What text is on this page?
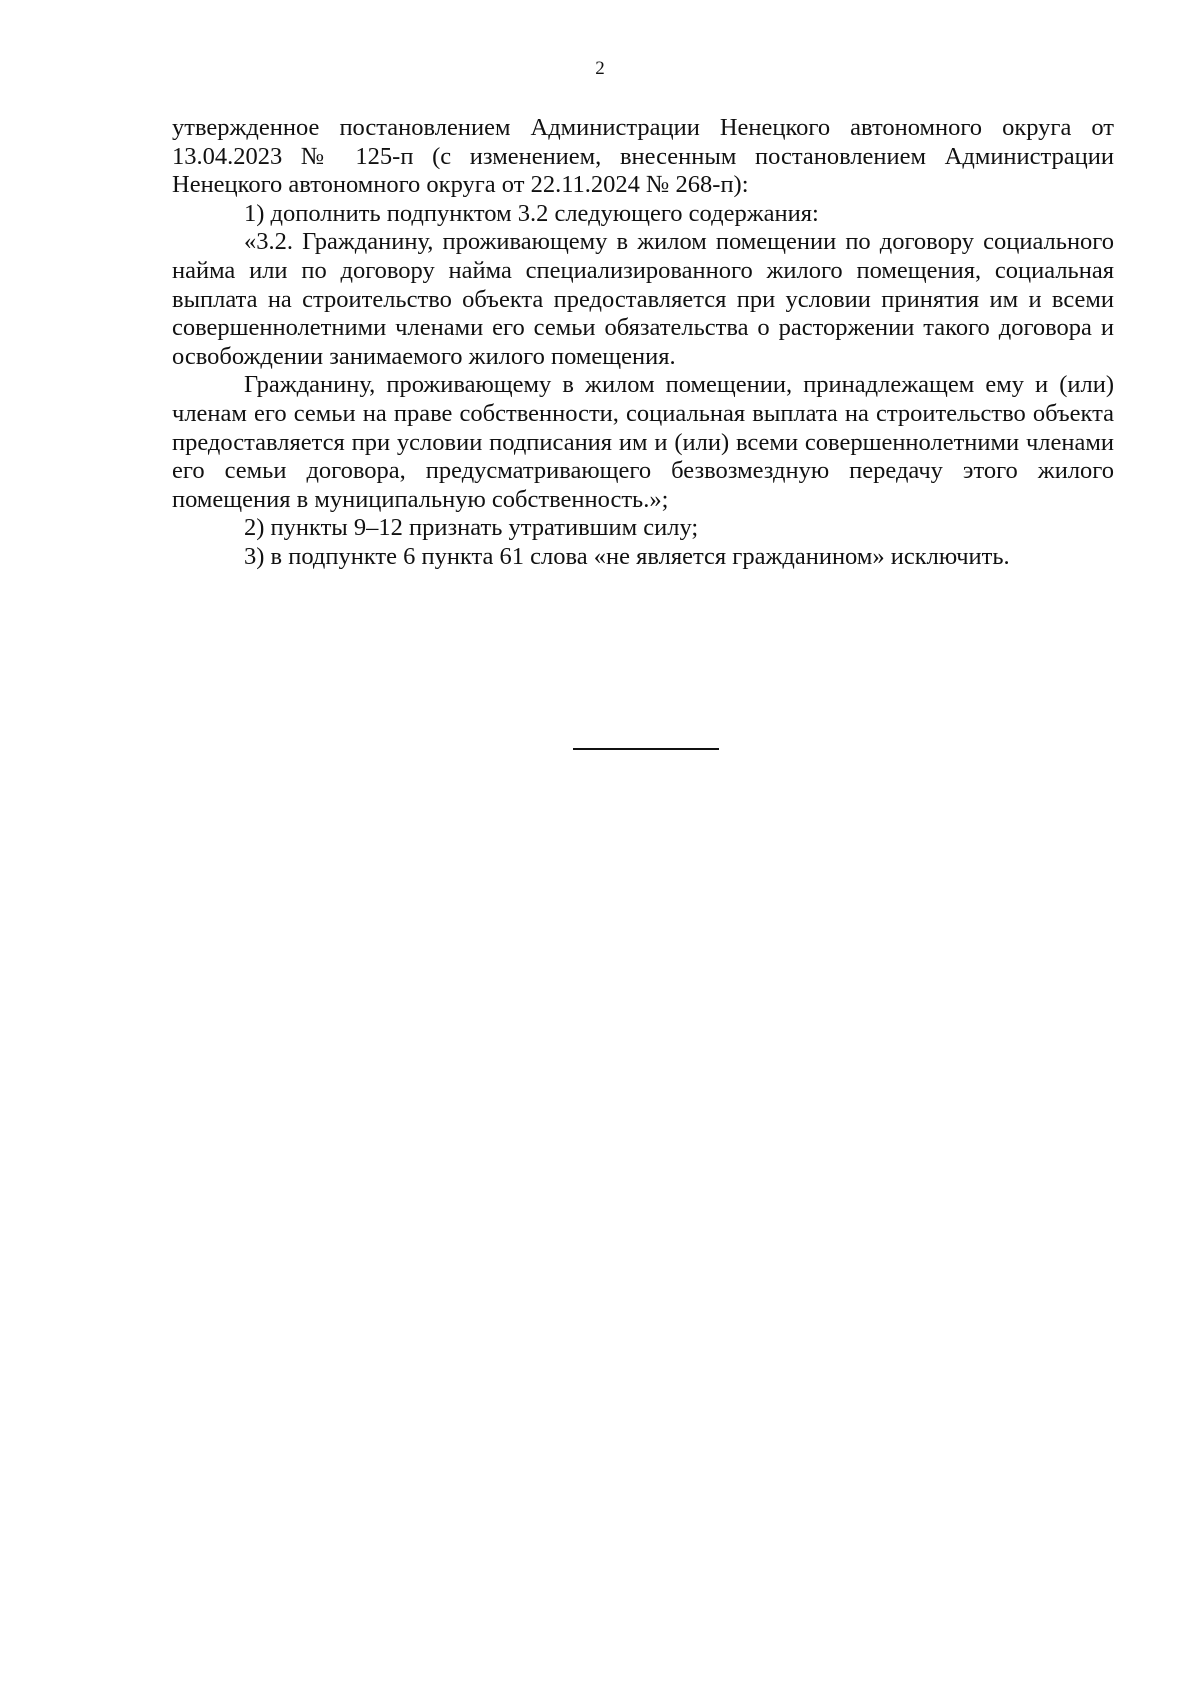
2

утвержденное постановлением Администрации Ненецкого автономного округа от 13.04.2023 № 125-п (с изменением, внесенным постановлением Администрации Ненецкого автономного округа от 22.11.2024 № 268-п):

1) дополнить подпунктом 3.2 следующего содержания:

«3.2. Гражданину, проживающему в жилом помещении по договору социального найма или по договору найма специализированного жилого помещения, социальная выплата на строительство объекта предоставляется при условии принятия им и всеми совершеннолетними членами его семьи обязательства о расторжении такого договора и освобождении занимаемого жилого помещения.

Гражданину, проживающему в жилом помещении, принадлежащем ему и (или) членам его семьи на праве собственности, социальная выплата на строительство объекта предоставляется при условии подписания им и (или) всеми совершеннолетними членами его семьи договора, предусматривающего безвозмездную передачу этого жилого помещения в муниципальную собственность.»;

2) пункты 9–12 признать утратившим силу;

3) в подпункте 6 пункта 61 слова «не является гражданином» исключить.
